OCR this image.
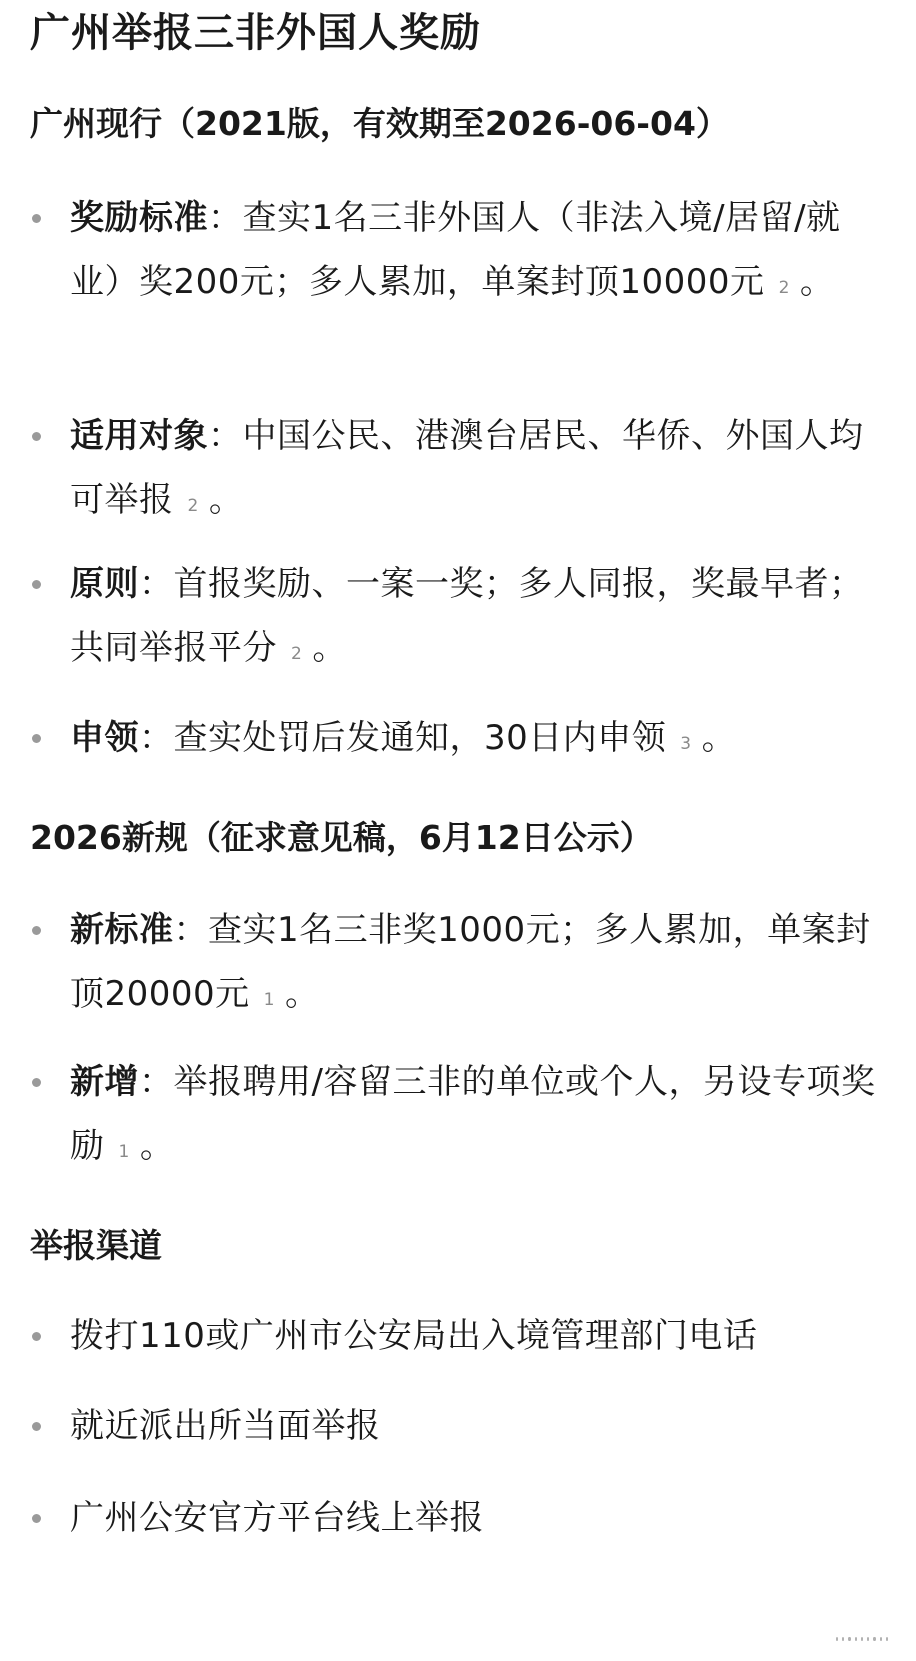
广州举报三非外国人奖励
广州现行（2021版，有效期至2026-06-04）
奖励标准：查实1名三非外国人（非法入境/居留/就业）奖200元；多人累加，单案封顶10000元 $^2$ 。
适用对象：中国公民、港澳台居民、华侨、外国人均可举报 $^2$ 。
原则：首报奖励、一案一奖；多人同报，奖最早者；共同举报平分 $^2$ 。
申领：查实处罚后发通知，30日内申领 $^3$ 。
2026新规（征求意见稿，6月12日公示）
新标准：查实1名三非奖1000元；多人累加，单案封顶20000元 $^1$ 。
新增：举报聘用/容留三非的单位或个人，另设专项奖励 $^1$ 。
举报渠道
拨打110或广州市公安局出入境管理部门电话
就近派出所当面举报
广州公安官方平台线上举报
